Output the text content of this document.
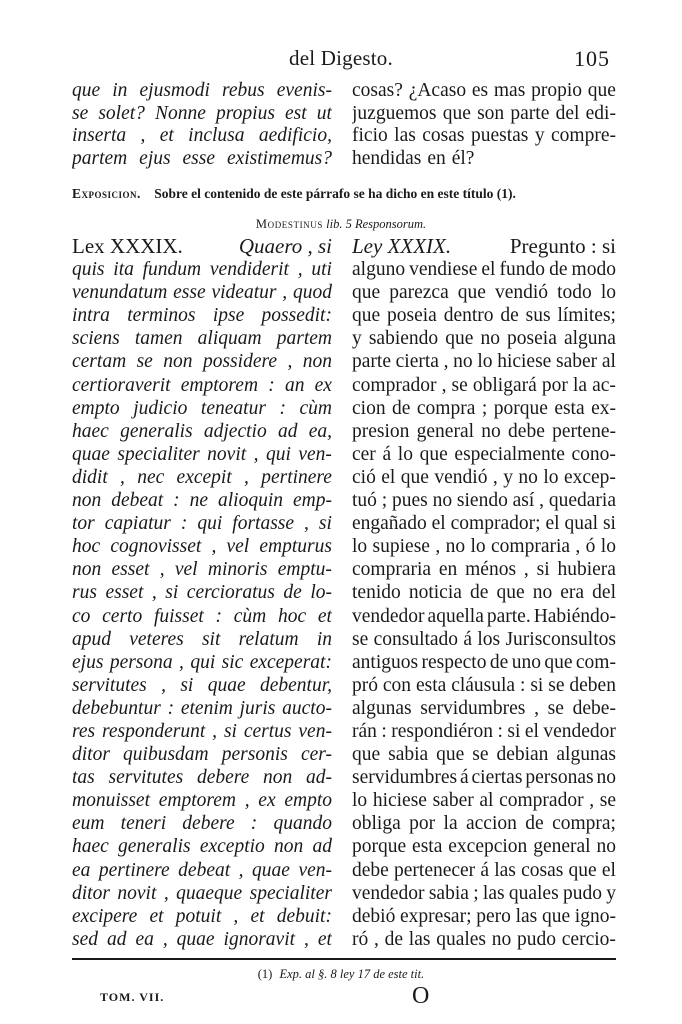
del Digesto.	105
que in ejusmodi rebus evenis-
se solet? Nonne propius est ut
inserta , et inclusa aedificio,
partem ejus esse existimemus?
cosas? ¿Acaso es mas propio que
juzguemos que son parte del edi-
ficio las cosas puestas y compre-
hendidas en él?
Exposicion. Sobre el contenido de este párrafo se ha dicho en este título (1).
Modestinus lib. 5 Responsorum.
Lex XXXIX.	Quaero , si
quis ita fundum vendiderit , uti
venundatum esse videatur , quod
intra terminos ipse possedit:
sciens tamen aliquam partem
certam se non possidere , non
certioraverit emptorem : an ex
empto judicio teneatur : cùm
haec generalis adjectio ad ea,
quae specialiter novit , qui ven-
didit , nec excepit , pertinere
non debeat : ne alioquin emp-
tor capiatur : qui fortasse , si
hoc cognovisset , vel empturus
non esset , vel minoris emptu-
rus esset , si cercioratus de lo-
co certo fuisset : cùm hoc et
apud veteres sit relatum in
ejus persona , qui sic exceperat:
servitutes , si quae debentur,
debebuntur : etenim juris aucto-
res responderunt , si certus ven-
ditor quibusdam personis cer-
tas servitutes debere non ad-
monuisset emptorem , ex empto
eum teneri debere : quando
haec generalis exceptio non ad
ea pertinere debeat , quae ven-
ditor novit , quaeque specialiter
excipere et potuit , et debuit:
sed ad ea , quae ignoravit , et
Ley XXXIX.	Pregunto : si
alguno vendiese el fundo de modo
que parezca que vendió todo lo
que poseia dentro de sus límites;
y sabiendo que no poseia alguna
parte cierta , no lo hiciese saber al
comprador , se obligará por la ac-
cion de compra ; porque esta ex-
presion general no debe pertene-
cer á lo que especialmente cono-
ció el que vendió , y no lo excep-
tuó ; pues no siendo así , quedaria
engañado el comprador; el qual si
lo supiese , no lo compraria , ó lo
compraria en ménos , si hubiera
tenido noticia de que no era del
vendedor aquella parte. Habiéndo-
se consultado á los Jurisconsultos
antiguos respecto de uno que com-
pró con esta cláusula : si se deben
algunas servidumbres , se debe-
rán : respondiéron : si el vendedor
que sabia que se debian algunas
servidumbres á ciertas personas no
lo hiciese saber al comprador , se
obliga por la accion de compra;
porque esta excepcion general no
debe pertenecer á las cosas que el
vendedor sabia ; las quales pudo y
debió expresar; pero las que igno-
ró , de las quales no pudo cercio-
(1) Exp. al §. 8 ley 17 de este tit.
TOM. VII.	O
